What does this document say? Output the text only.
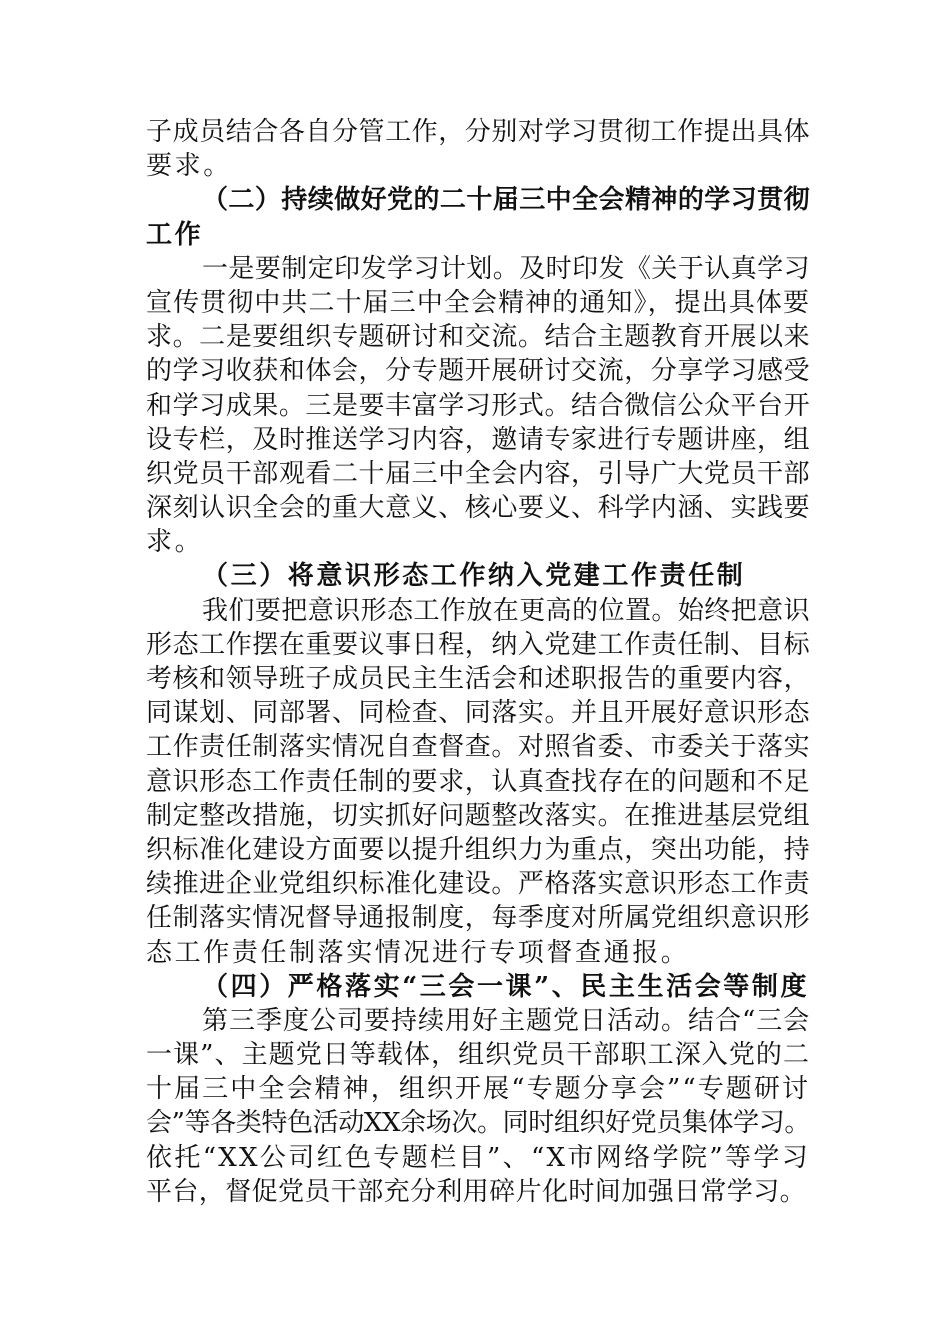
子成员结合各自分管工作，分别对学习贯彻工作提出具体
要求。
（二）持续做好党的二十届三中全会精神的学习贯彻
工作
一是要制定印发学习计划。及时印发《关于认真学习
宣传贯彻中共二十届三中全会精神的通知》，提出具体要
求。二是要组织专题研讨和交流。结合主题教育开展以来
的学习收获和体会，分专题开展研讨交流，分享学习感受
和学习成果。三是要丰富学习形式。结合微信公众平台开
设专栏，及时推送学习内容，邀请专家进行专题讲座，组
织党员干部观看二十届三中全会内容，引导广大党员干部
深刻认识全会的重大意义、核心要义、科学内涵、实践要
求。
（三）将意识形态工作纳入党建工作责任制
我们要把意识形态工作放在更高的位置。始终把意识
形态工作摆在重要议事日程，纳入党建工作责任制、目标
考核和领导班子成员民主生活会和述职报告的重要内容，
同谋划、同部署、同检查、同落实。并且开展好意识形态
工作责任制落实情况自查督查。对照省委、市委关于落实
意识形态工作责任制的要求，认真查找存在的问题和不足
制定整改措施，切实抓好问题整改落实。在推进基层党组
织标准化建设方面要以提升组织力为重点，突出功能，持
续推进企业党组织标准化建设。严格落实意识形态工作责
任制落实情况督导通报制度，每季度对所属党组织意识形
态工作责任制落实情况进行专项督查通报。
（四）严格落实“三会一课”、民主生活会等制度
第三季度公司要持续用好主题党日活动。结合“三会
一课”、主题党日等载体，组织党员干部职工深入党的二
十届三中全会精神，组织开展“专题分享会”“专题研讨
会”等各类特色活动XX余场次。同时组织好党员集体学习。
依托“XX公司红色专题栏目”、“X市网络学院”等学习
平台，督促党员干部充分利用碎片化时间加强日常学习。
